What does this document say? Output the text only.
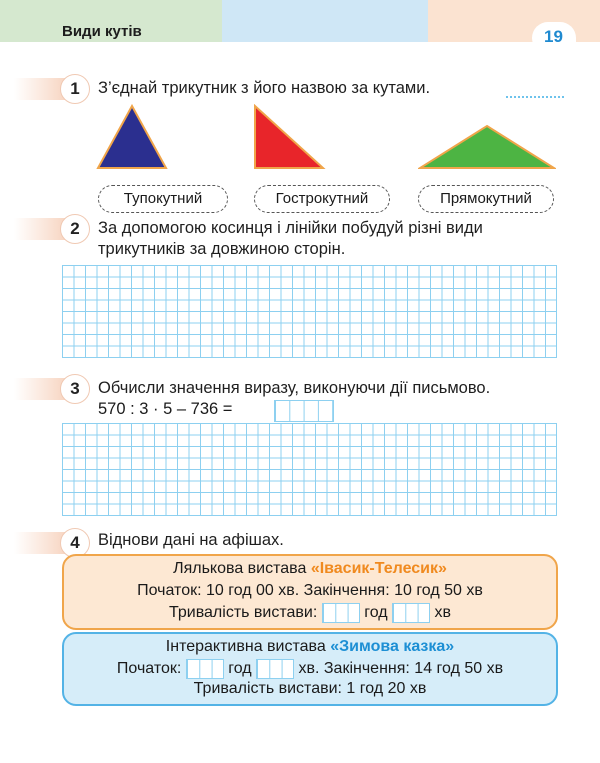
Види кутів	19
1	З’єднай трикутник з його назвою за кутами.
Тупокутний	Гострокутний	Прямокутний
2	За допомогою косинця і лінійки побудуй різні види трикутників за довжиною сторін.
3	Обчисли значення виразу, виконуючи дії письмово.
570 : 3 · 5 – 736 =
4	Віднови дані на афішах.
Лялькова вистава «Івасик-Телесик»
Початок: 10 год 00 хв. Закінчення: 10 год 50 хв
Тривалість вистави:	год	хв
Інтерактивна вистава «Зимова казка»
Початок:	год	хв. Закінчення: 14 год 50 хв
Тривалість вистави: 1 год 20 хв
